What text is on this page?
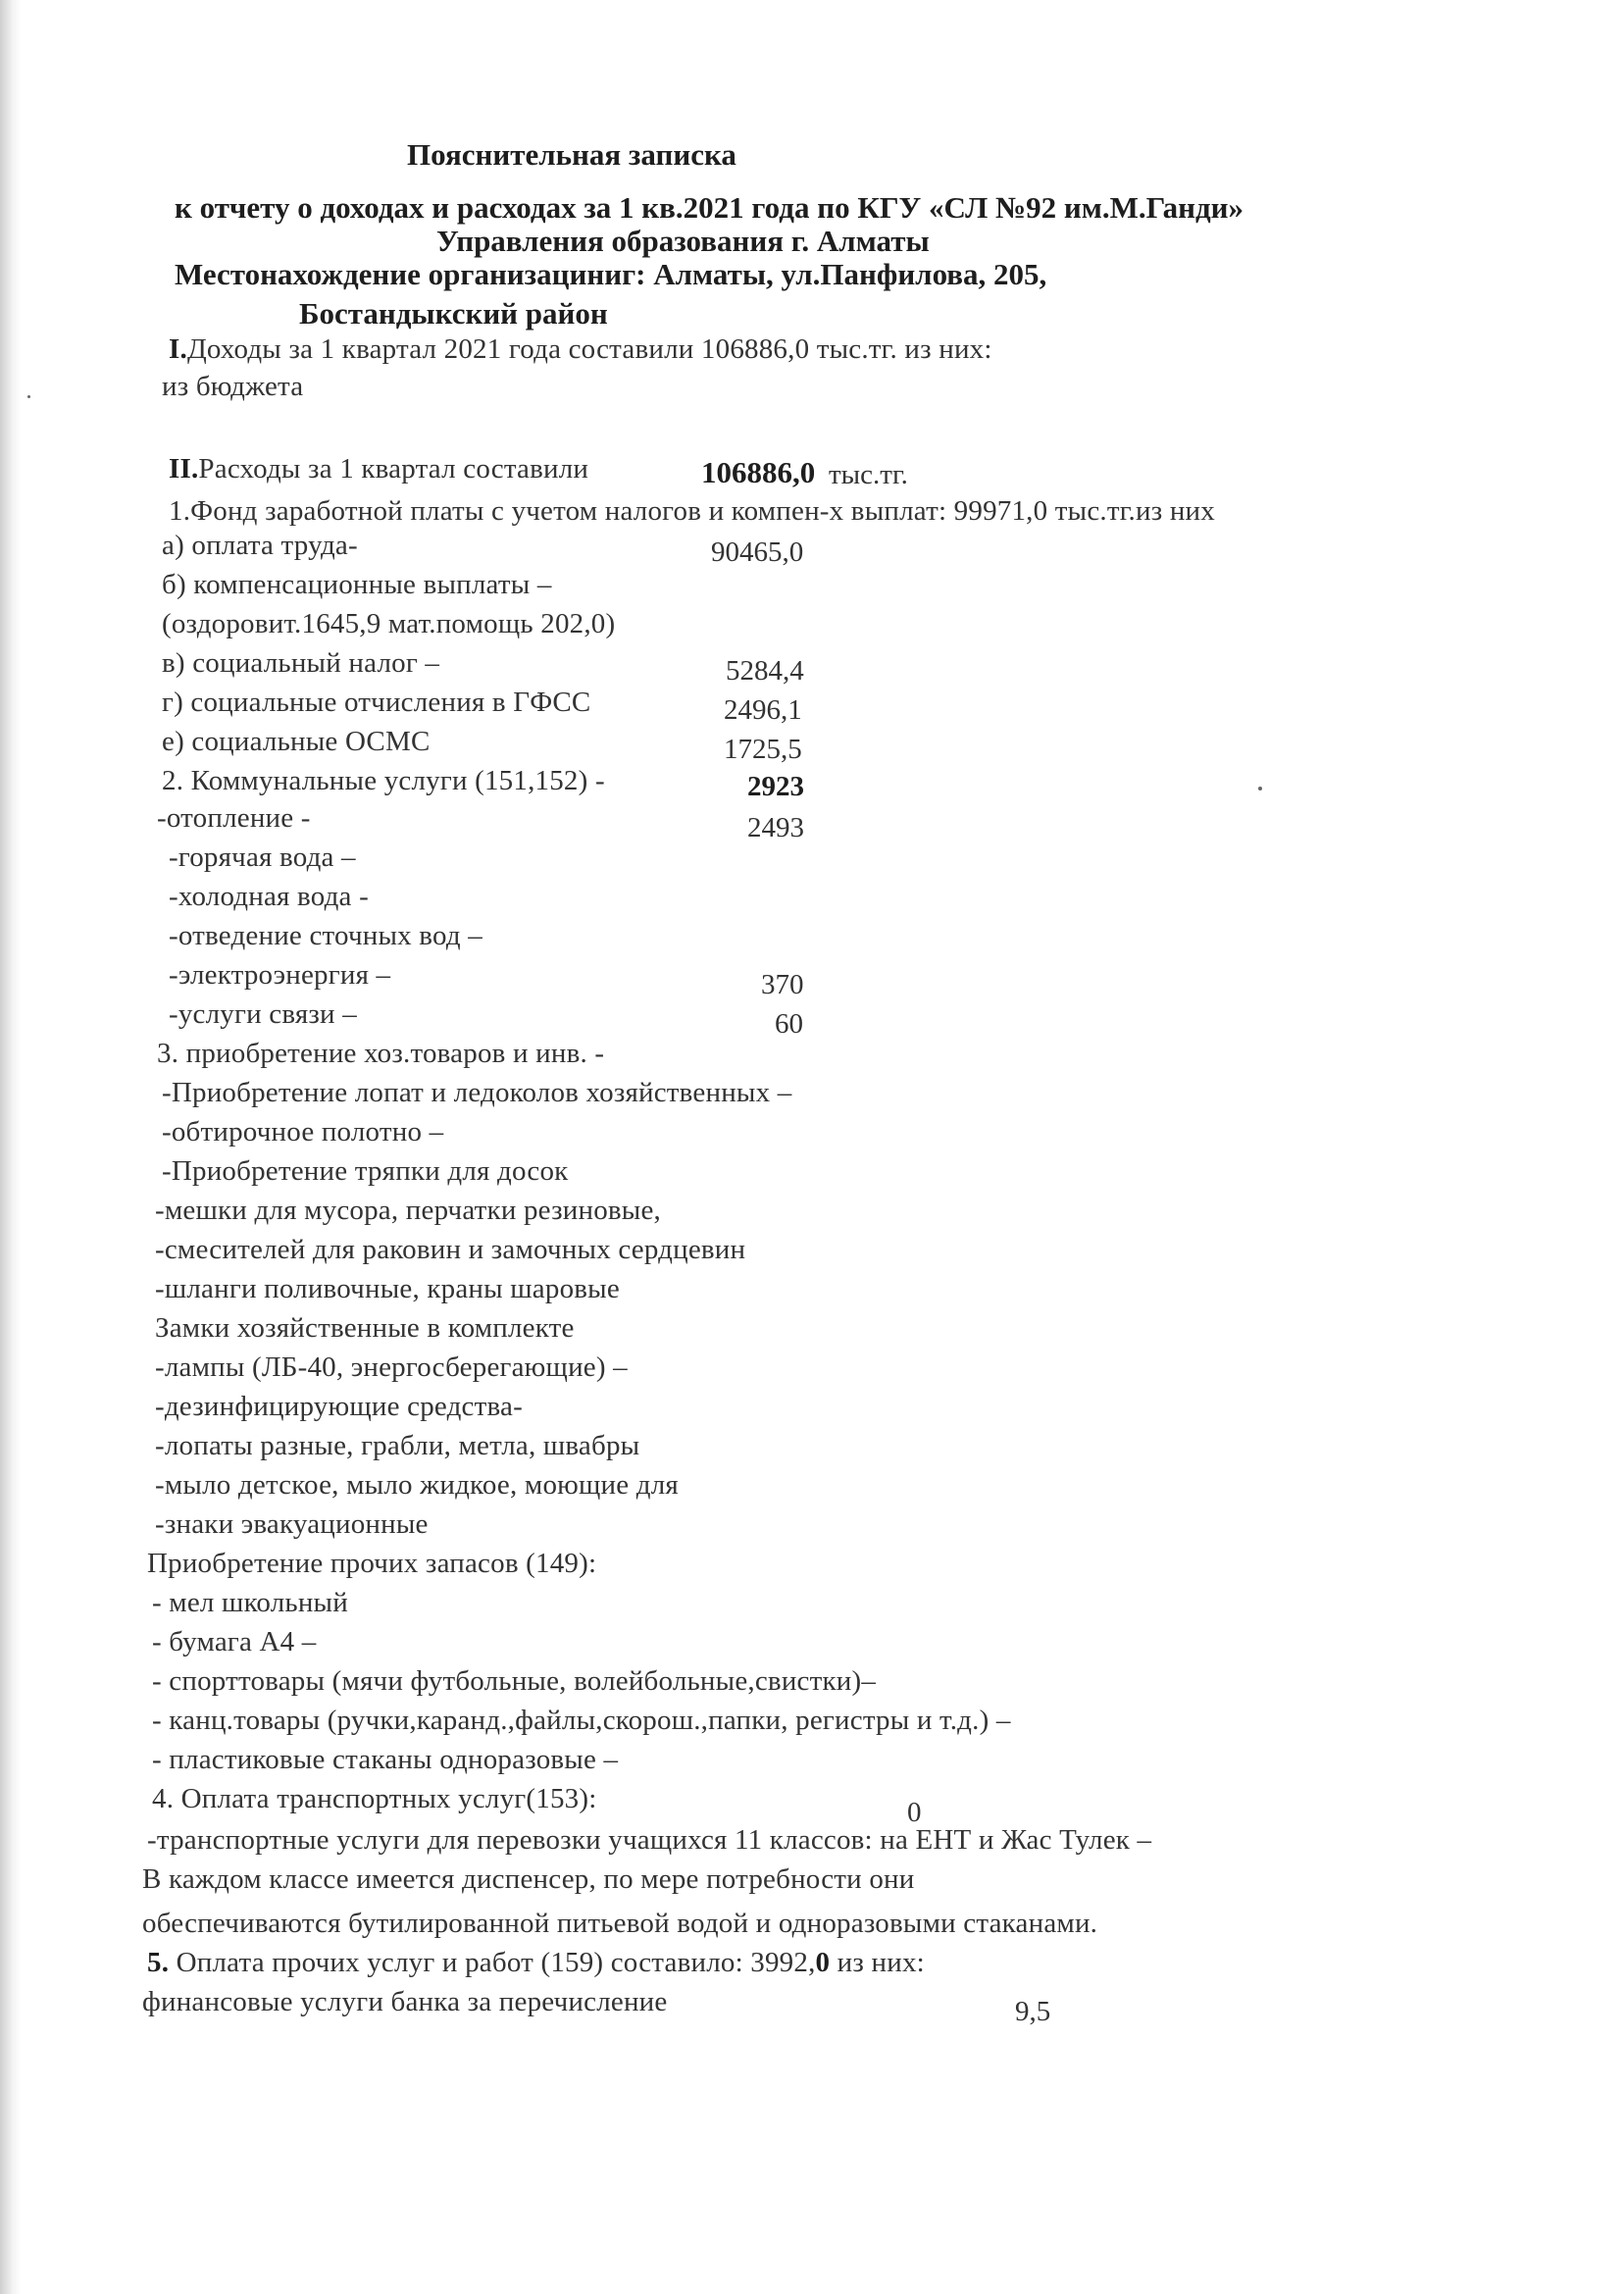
Пояснительная записка
к отчету о доходах и расходах за 1 кв.2021 года по КГУ «СЛ №92 им.М.Ганди»
Управления образования г. Алматы
Местонахождение организациниг: Алматы, ул.Панфилова, 205,
Бостандыкский район
I.Доходы за 1 квартал 2021 года составили 106886,0 тыс.тг. из них:
из бюджета
II.Расходы за 1 квартал составили	106886,0 тыс.тг.
1.Фонд заработной платы с учетом налогов и компен-х выплат: 99971,0 тыс.тг.из них
а) оплата труда-	90465,0
б) компенсационные выплаты –
(оздоровит.1645,9 мат.помощь 202,0)
в) социальный налог –	5284,4
г) социальные отчисления в ГФСС	2496,1
е) социальные ОСМС	1725,5
2. Коммунальные услуги (151,152) -	2923
-отопление -	2493
-горячая вода –
-холодная вода -
-отведение сточных вод –
-электроэнергия –	370
-услуги связи –	60
3. приобретение хоз.товаров и инв. -
-Приобретение лопат и ледоколов хозяйственных –
-обтирочное полотно –
-Приобретение тряпки для досок
-мешки для мусора, перчатки резиновые,
-смесителей для раковин и замочных сердцевин
-шланги поливочные, краны шаровые
Замки хозяйственные в комплекте
-лампы (ЛБ-40, энергосберегающие) –
-дезинфицирующие средства-
-лопаты разные, грабли, метла, швабры
-мыло детское, мыло жидкое, моющие для
-знаки эвакуационные
Приобретение прочих запасов (149):
- мел школьный
- бумага А4 –
- спорттовары (мячи футбольные, волейбольные,свистки)–
- канц.товары (ручки,каранд.,файлы,скорош.,папки, регистры и т.д.) –
- пластиковые стаканы одноразовые –
4. Оплата транспортных услуг(153):	0
-транспортные услуги для перевозки учащихся 11 классов: на ЕНТ и Жас Тулек –
В каждом классе имеется диспенсер, по мере потребности они
обеспечиваются бутилированной питьевой водой и одноразовыми стаканами.
5. Оплата прочих услуг и работ (159) составило: 3992,0 из них:
финансовые услуги банка за перечисление	9,5
